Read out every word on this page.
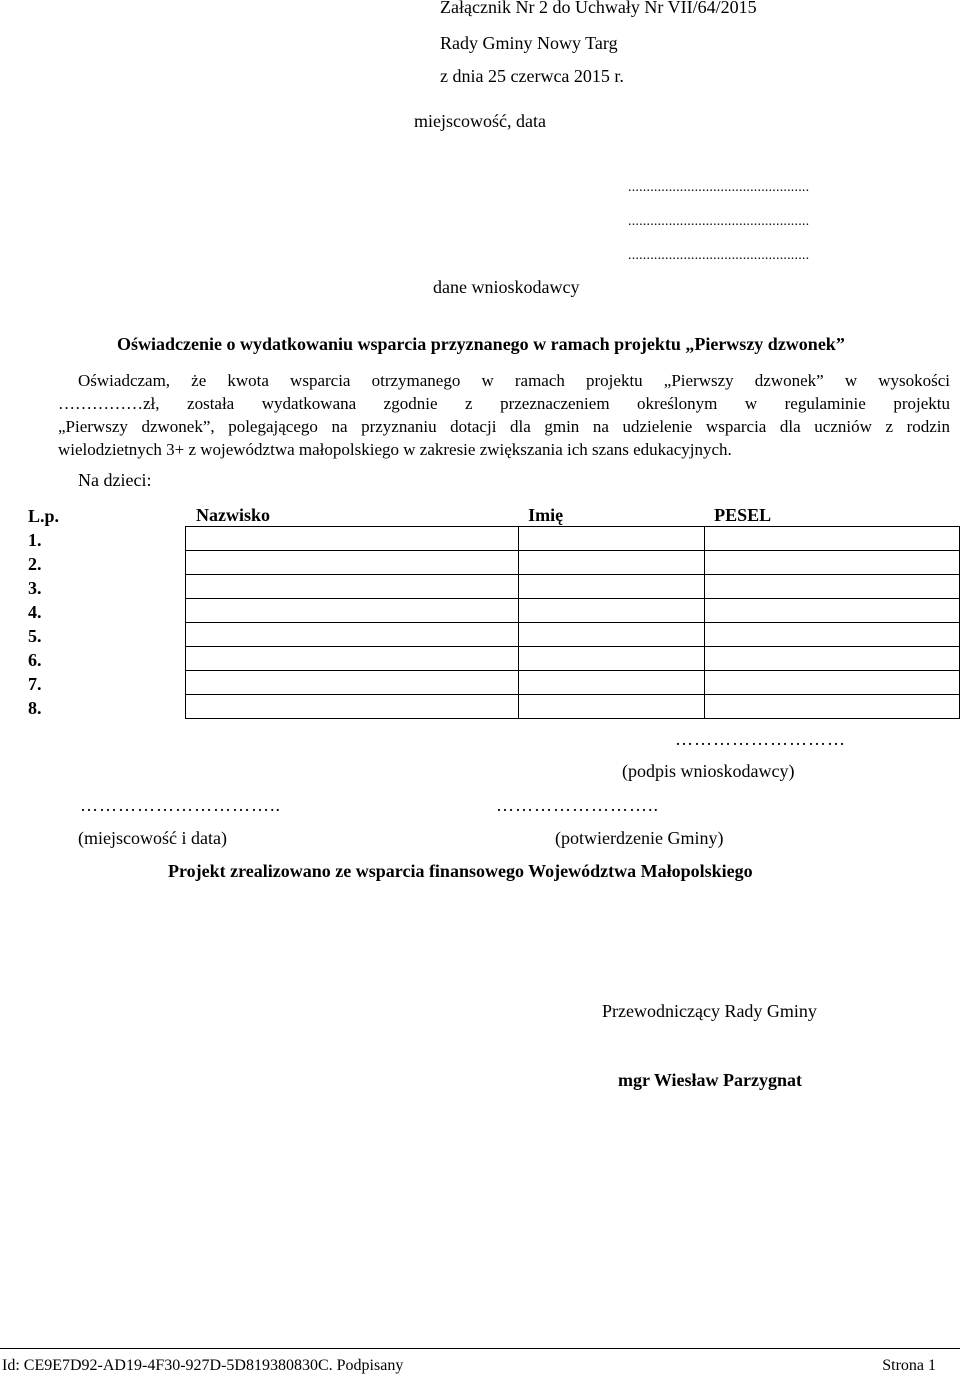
Załącznik Nr 2 do Uchwały Nr VII/64/2015
Rady Gminy Nowy Targ
z dnia 25 czerwca 2015 r.
miejscowość, data
.................................................
.................................................
.................................................
dane wnioskodawcy
Oświadczenie o wydatkowaniu wsparcia przyznanego w ramach projektu „Pierwszy dzwonek”
Oświadczam, że kwota wsparcia otrzymanego w ramach projektu „Pierwszy dzwonek” w wysokości
……………zł, została wydatkowana zgodnie z przeznaczeniem określonym w regulaminie projektu
„Pierwszy dzwonek”, polegającego na przyznaniu dotacji dla gmin na udzielenie wsparcia dla uczniów z rodzin
wielodzietnych 3+ z województwa małopolskiego w zakresie zwiększania ich szans edukacyjnych.
Na dzieci:
L.p.	Nazwisko	Imię	PESEL
1.			
2.			
3.			
4.			
5.			
6.			
7.			
8.			
………………………
(podpis wnioskodawcy)
…………………………..	……………………..
(miejscowość i data)	(potwierdzenie Gminy)
Projekt zrealizowano ze wsparcia finansowego Województwa Małopolskiego
Przewodniczący Rady Gminy
mgr Wiesław Parzygnat
Id: CE9E7D92-AD19-4F30-927D-5D819380830C. Podpisany	Strona 1
